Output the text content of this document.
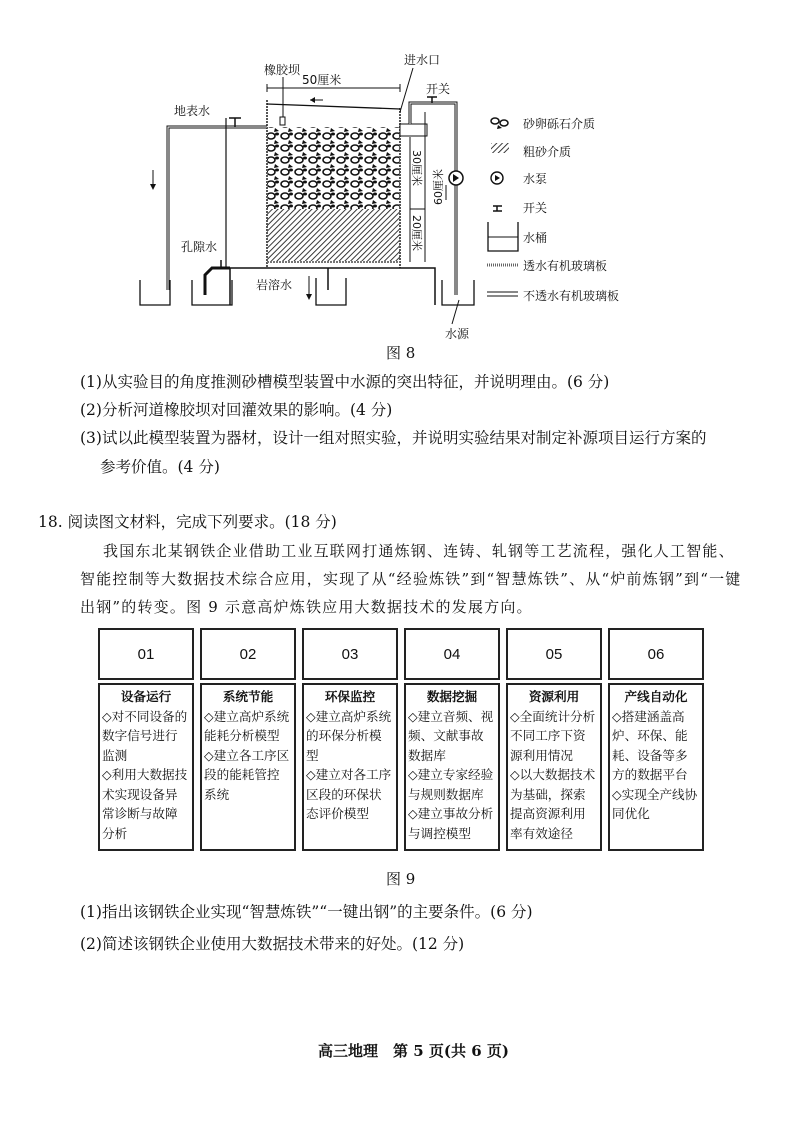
50厘米
橡胶坝
进水口
地表水
孔隙水
岩溶水
开关
30厘米
20厘米
60厘米
水源
砂卵砾石介质
粗砂介质
水泵
开关
水桶
透水有机玻璃板
不透水有机玻璃板
图 8
(1)从实验目的角度推测砂槽模型装置中水源的突出特征，并说明理由。(6 分)
(2)分析河道橡胶坝对回灌效果的影响。(4 分)
(3)试以此模型装置为器材，设计一组对照实验，并说明实验结果对制定补源项目运行方案的
参考价值。(4 分)
18. 阅读图文材料，完成下列要求。(18 分)
我国东北某钢铁企业借助工业互联网打通炼钢、连铸、轧钢等工艺流程，强化人工智能、
智能控制等大数据技术综合应用，实现了从“经验炼铁”到“智慧炼铁”、从“炉前炼钢”到“一键
出钢”的转变。图 9 示意高炉炼铁应用大数据技术的发展方向。
01
设备运行
◇对不同设备的数字信号进行监测
◇利用大数据技术实现设备异常诊断与故障分析
02
系统节能
◇建立高炉系统能耗分析模型
◇建立各工序区段的能耗管控系统
03
环保监控
◇建立高炉系统的环保分析模型
◇建立对各工序区段的环保状态评价模型
04
数据挖掘
◇建立音频、视频、文献事故数据库
◇建立专家经验与规则数据库
◇建立事故分析与调控模型
05
资源利用
◇全面统计分析不同工序下资源利用情况
◇以大数据技术为基础，探索提高资源利用率有效途径
06
产线自动化
◇搭建涵盖高炉、环保、能耗、设备等多方的数据平台
◇实现全产线协同优化
图 9
(1)指出该钢铁企业实现“智慧炼铁”“一键出钢”的主要条件。(6 分)
(2)简述该钢铁企业使用大数据技术带来的好处。(12 分)
高三地理　第 5 页(共 6 页)
